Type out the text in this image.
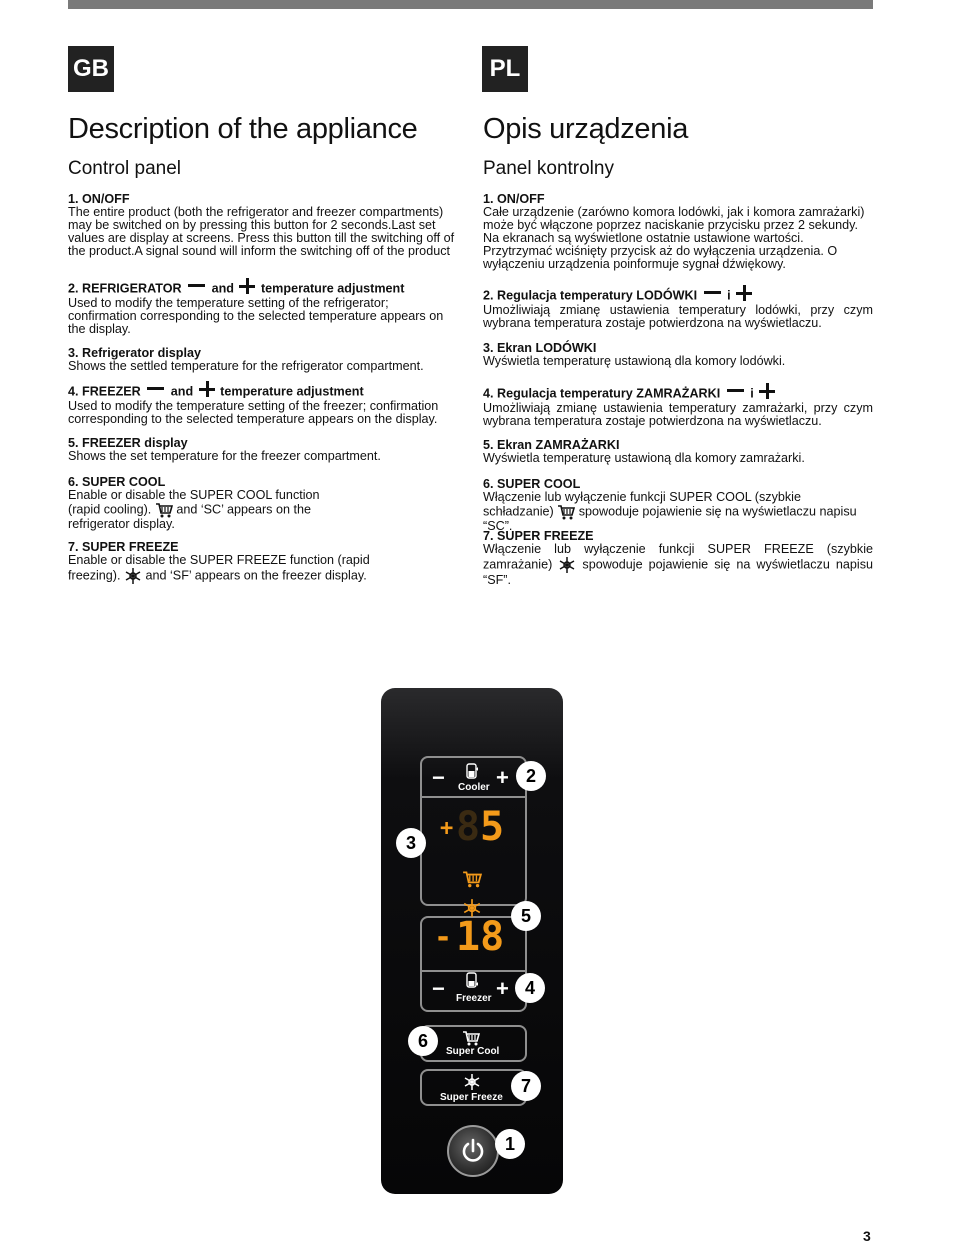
GB
Description of the appliance
Control panel
1. ON/OFF
The entire product (both the refrigerator and freezer compartments) may be switched on by pressing this button for 2 seconds.Last set values are display at screens. Press this button till the switching off of the product.A signal sound will inform the switching off of the product
2. REFRIGERATOR and temperature adjustment
Used to modify the temperature setting of the refrigerator; confirmation corresponding to the selected temperature appears on the display.
3. Refrigerator display
Shows the settled temperature for the refrigerator compartment.
4. FREEZER and temperature adjustment
Used to modify the temperature setting of the freezer; confirmation corresponding to the selected temperature appears on the display.
5. FREEZER display
Shows the set temperature for the freezer compartment.
6. SUPER COOL
Enable or disable the SUPER COOL function (rapid cooling). and ‘SC’ appears on the refrigerator display.
7. SUPER FREEZE
Enable or disable the SUPER FREEZE function (rapid freezing). and ‘SF’ appears on the freezer display.
PL
Opis urządzenia
Panel kontrolny
1. ON/OFF
Całe urządzenie (zarówno komora lodówki, jak i komora zamrażarki) może być włączone poprzez naciskanie przycisku przez 2 sekundy. Na ekranach są wyświetlone ostatnie ustawione wartości. Przytrzymać wciśnięty przycisk aż do wyłączenia urządzenia. O wyłączeniu urządzenia poinformuje sygnał dźwiękowy.
2. Regulacja temperatury LODÓWKI i
Umożliwiają zmianę ustawienia temperatury lodówki, przy czym wybrana temperatura zostaje potwierdzona na wyświetlaczu.
3. Ekran LODÓWKI
Wyświetla temperaturę ustawioną dla komory lodówki.
4. Regulacja temperatury ZAMRAŻARKI i
Umożliwiają zmianę ustawienia temperatury zamrażarki, przy czym wybrana temperatura zostaje potwierdzona na wyświetlaczu.
5. Ekran ZAMRAŻARKI
Wyświetla temperaturę ustawioną dla komory zamrażarki.
6. SUPER COOL
Włączenie lub wyłączenie funkcji SUPER COOL (szybkie schładzanie) spowoduje pojawienie się na wyświetlaczu napisu “SC”.
7. SUPER FREEZE
Włączenie lub wyłączenie funkcji SUPER FREEZE (szybkie zamrażanie) spowoduje pojawienie się na wyświetlaczu napisu “SF”.
− +
Cooler
+ 8 5
- 18
− +
Freezer
Super Cool
Super Freeze
2
3
5
4
6
7
1
3
